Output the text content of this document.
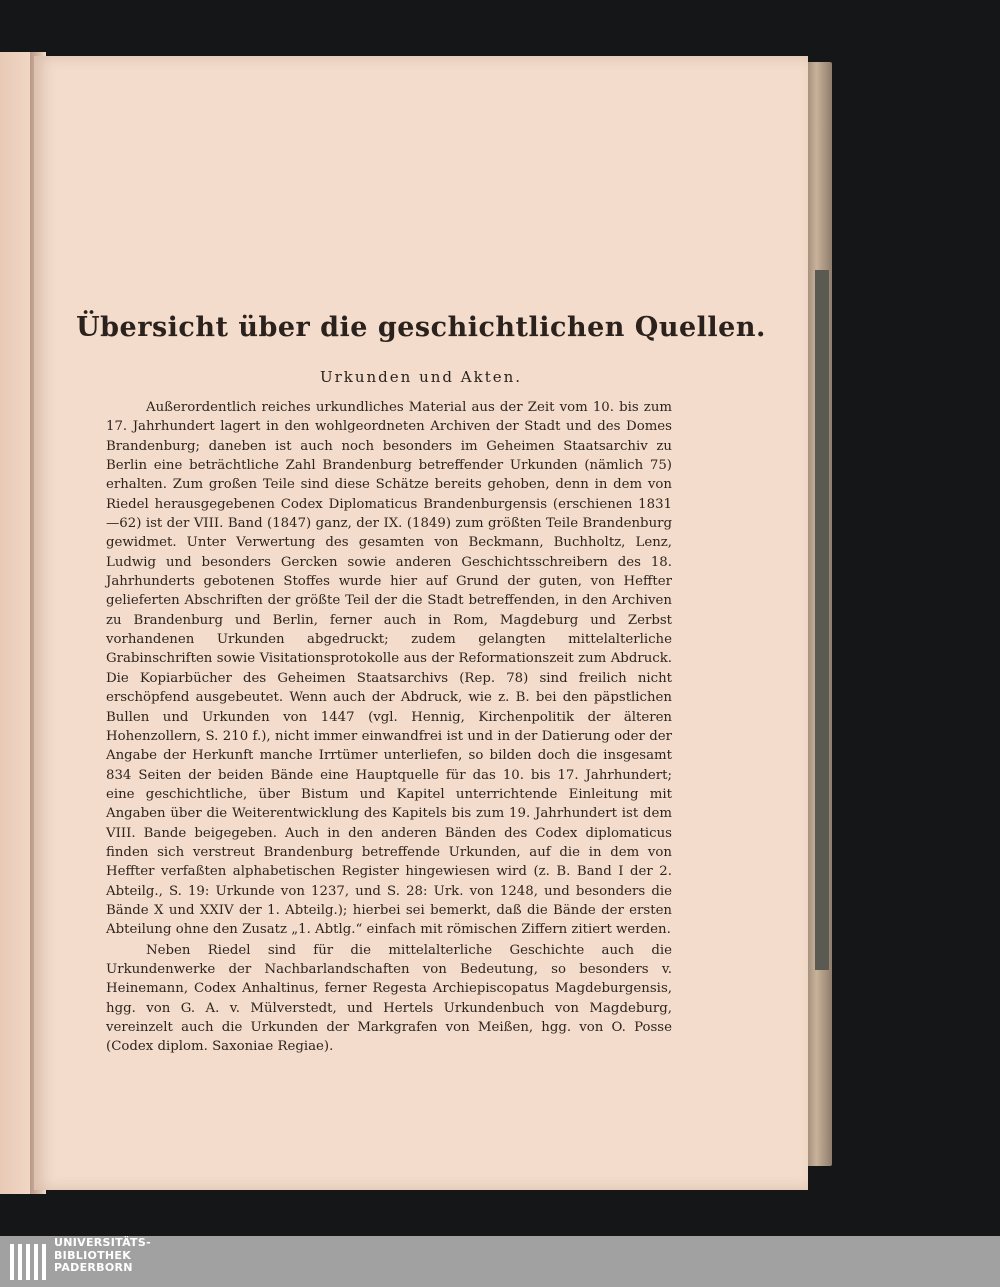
Übersicht über die geschichtlichen Quellen.
Urkunden und Akten.

Außerordentlich reiches urkundliches Material aus der Zeit vom 10. bis zum 17. Jahrhundert lagert in den wohlgeordneten Archiven der Stadt und des Domes Brandenburg; daneben ist auch noch besonders im Geheimen Staatsarchiv zu Berlin eine beträchtliche Zahl Brandenburg betreffender Urkunden (nämlich 75) erhalten. Zum großen Teile sind diese Schätze bereits gehoben, denn in dem von Riedel herausgegebenen Codex Diplomaticus Brandenburgensis (erschienen 1831—62) ist der VIII. Band (1847) ganz, der IX. (1849) zum größten Teile Brandenburg gewidmet. Unter Verwertung des gesamten von Beckmann, Buchholtz, Lenz, Ludwig und besonders Gercken sowie anderen Geschichtsschreibern des 18. Jahrhunderts gebotenen Stoffes wurde hier auf Grund der guten, von Heffter gelieferten Abschriften der größte Teil der die Stadt betreffenden, in den Archiven zu Brandenburg und Berlin, ferner auch in Rom, Magdeburg und Zerbst vorhandenen Urkunden abgedruckt; zudem gelangten mittelalterliche Grabinschriften sowie Visitationsprotokolle aus der Reformationszeit zum Abdruck. Die Kopiarbücher des Geheimen Staatsarchivs (Rep. 78) sind freilich nicht erschöpfend ausgebeutet. Wenn auch der Abdruck, wie z. B. bei den päpstlichen Bullen und Urkunden von 1447 (vgl. Hennig, Kirchenpolitik der älteren Hohenzollern, S. 210 f.), nicht immer einwandfrei ist und in der Datierung oder der Angabe der Herkunft manche Irrtümer unterliefen, so bilden doch die insgesamt 834 Seiten der beiden Bände eine Hauptquelle für das 10. bis 17. Jahrhundert; eine geschichtliche, über Bistum und Kapitel unterrichtende Einleitung mit Angaben über die Weiterentwicklung des Kapitels bis zum 19. Jahrhundert ist dem VIII. Bande beigegeben. Auch in den anderen Bänden des Codex diplomaticus finden sich verstreut Brandenburg betreffende Urkunden, auf die in dem von Heffter verfaßten alphabetischen Register hingewiesen wird (z. B. Band I der 2. Abteilg., S. 19: Urkunde von 1237, und S. 28: Urk. von 1248, und besonders die Bände X und XXIV der 1. Abteilg.); hierbei sei bemerkt, daß die Bände der ersten Abteilung ohne den Zusatz „1. Abtlg.“ einfach mit römischen Ziffern zitiert werden.

Neben Riedel sind für die mittelalterliche Geschichte auch die Urkundenwerke der Nachbarlandschaften von Bedeutung, so besonders v. Heinemann, Codex Anhaltinus, ferner Regesta Archiepiscopatus Magdeburgensis, hgg. von G. A. v. Mülverstedt, und Hertels Urkundenbuch von Magdeburg, vereinzelt auch die Urkunden der Markgrafen von Meißen, hgg. von O. Posse (Codex diplom. Saxoniae Regiae).

UNIVERSITÄTS-
BIBLIOTHEK
PADERBORN
